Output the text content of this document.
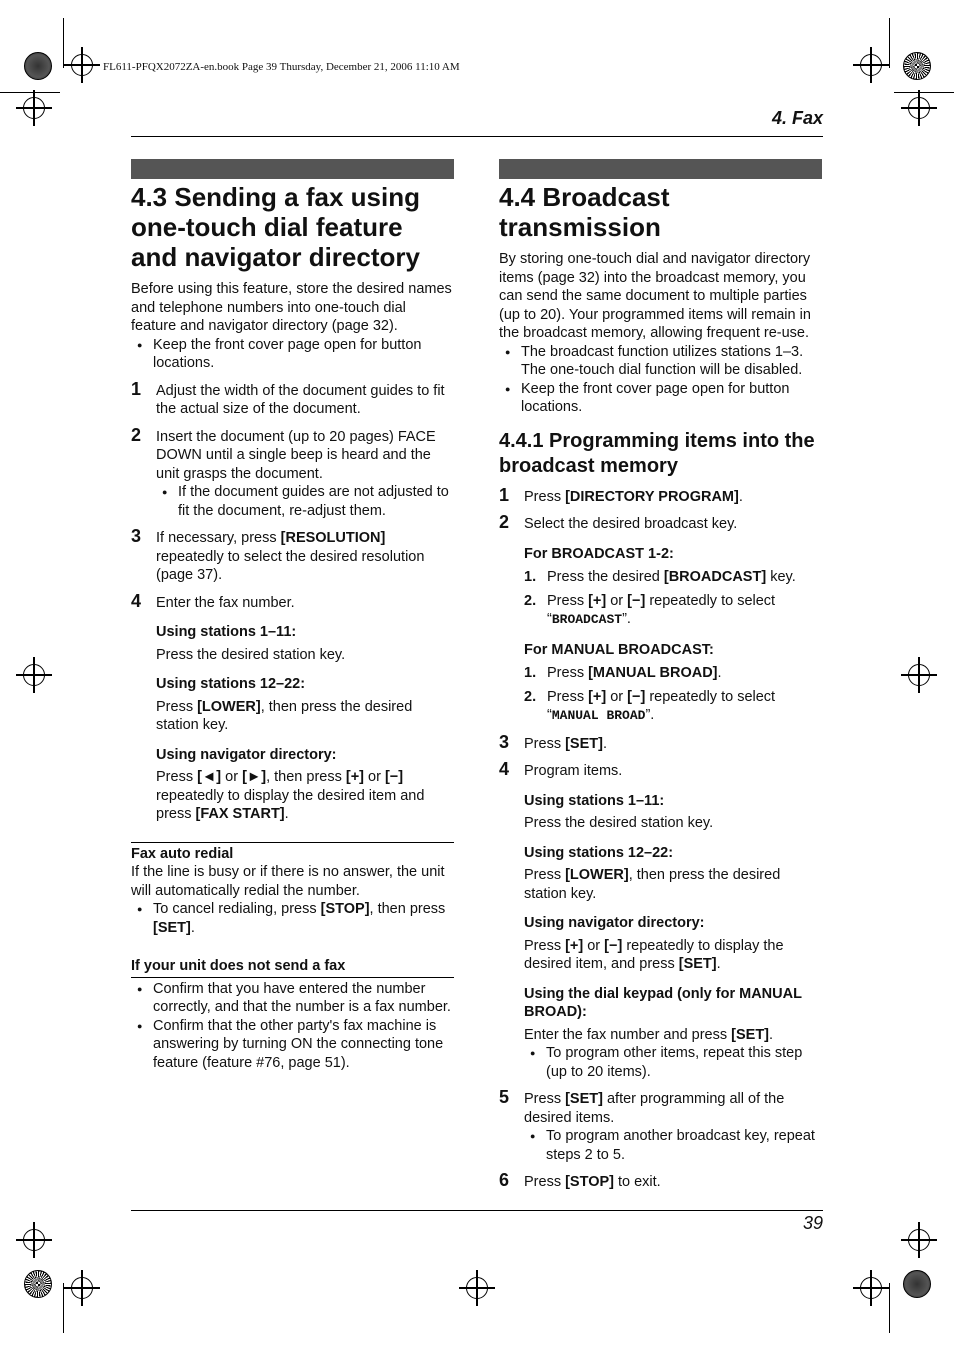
FL611-PFQX2072ZA-en.book Page 39 Thursday, December 21, 2006 11:10 AM
4. Fax
4.3 Sending a fax using one-touch dial feature and navigator directory

Before using this feature, store the desired names and telephone numbers into one-touch dial feature and navigator directory (page 32).

● Keep the front cover page open for button locations.

1 Adjust the width of the document guides to fit the actual size of the document.
2 Insert the document (up to 20 pages) FACE DOWN until a single beep is heard and the unit grasps the document.

● If the document guides are not adjusted to fit the document, re-adjust them.

3 If necessary, press [RESOLUTION] repeatedly to select the desired resolution (page 37).
4 Enter the fax number.

Using stations 1–11:

Press the desired station key.

Using stations 12–22:

Press [LOWER], then press the desired station key.

Using navigator directory:

Press [◄] or [►], then press [+] or [−] repeatedly to display the desired item and press [FAX START].

Fax auto redial

If the line is busy or if there is no answer, the unit will automatically redial the number.

● To cancel redialing, press [STOP], then press [SET].

If your unit does not send a fax

● Confirm that you have entered the number correctly, and that the number is a fax number.

● Confirm that the other party's fax machine is answering by turning ON the connecting tone feature (feature #76, page 51).

4.4 Broadcast transmission

By storing one-touch dial and navigator directory items (page 32) into the broadcast memory, you can send the same document to multiple parties (up to 20). Your programmed items will remain in the broadcast memory, allowing frequent re-use.

● The broadcast function utilizes stations 1–3. The one-touch dial function will be disabled.

● Keep the front cover page open for button locations.

4.4.1 Programming items into the broadcast memory
1 Press [DIRECTORY PROGRAM].
2 Select the desired broadcast key.

For BROADCAST 1-2:

1. Press the desired [BROADCAST] key.
2. Press [+] or [−] repeatedly to select “BROADCAST”.

For MANUAL BROADCAST:

1. Press [MANUAL BROAD].
2. Press [+] or [−] repeatedly to select “MANUAL BROAD”.
3 Press [SET].
4 Program items.

Using stations 1–11:

Press the desired station key.

Using stations 12–22:

Press [LOWER], then press the desired station key.

Using navigator directory:

Press [+] or [−] repeatedly to display the desired item, and press [SET].

Using the dial keypad (only for MANUAL BROAD):

Enter the fax number and press [SET].

● To program other items, repeat this step (up to 20 items).

5 Press [SET] after programming all of the desired items.

● To program another broadcast key, repeat steps 2 to 5.

6 Press [STOP] to exit.
39
